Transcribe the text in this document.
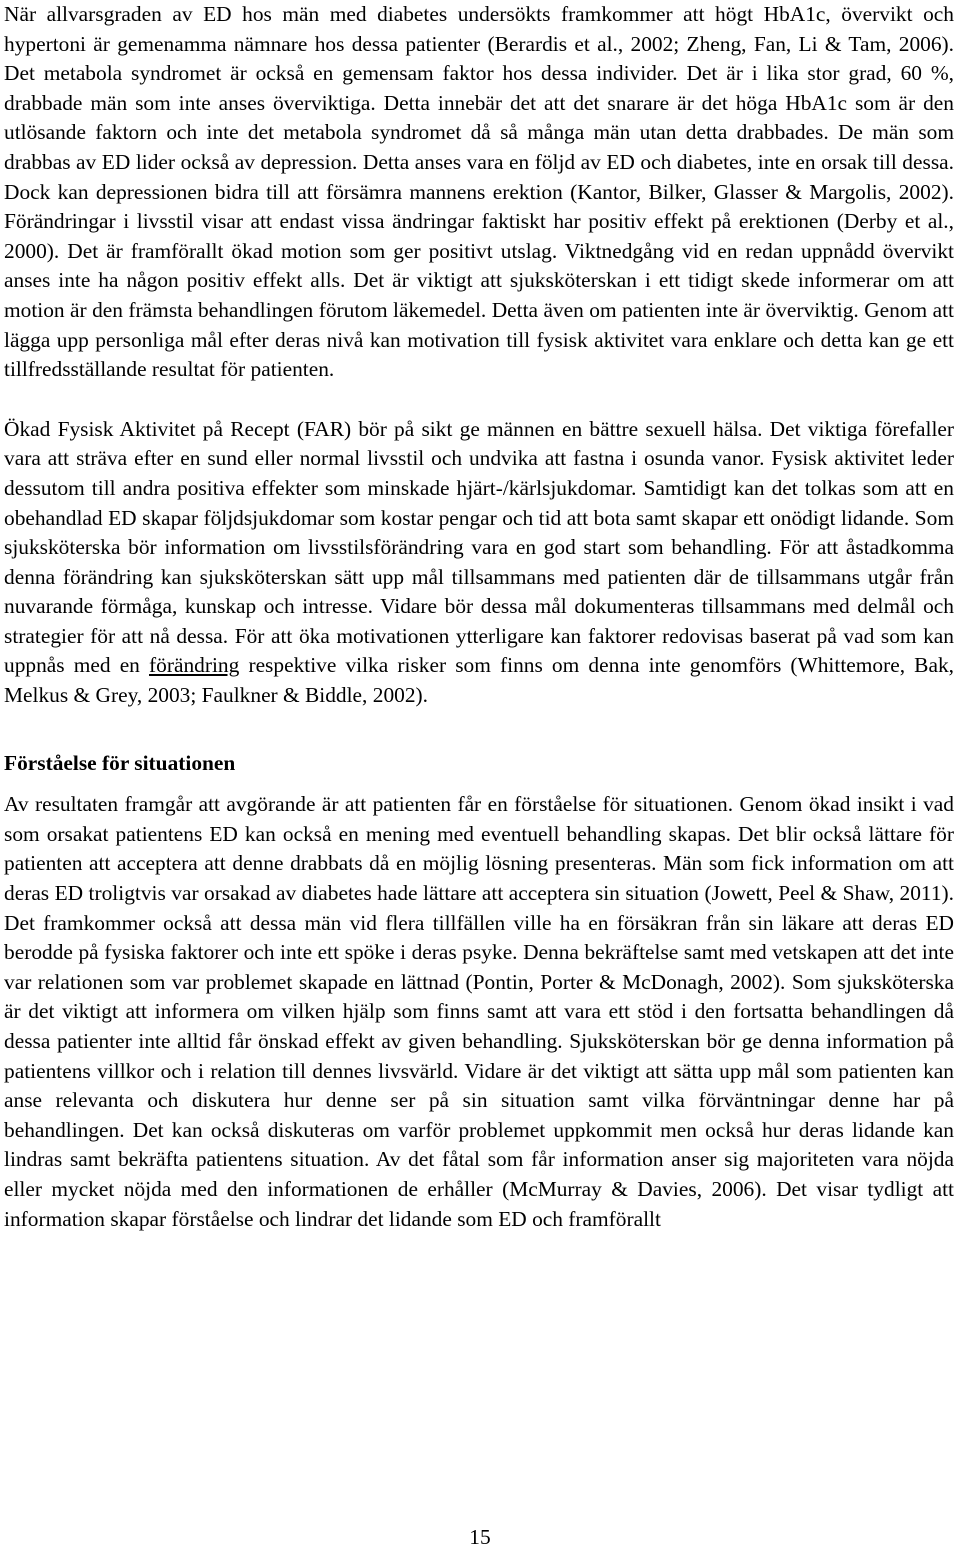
När allvarsgraden av ED hos män med diabetes undersökts framkommer att högt HbA1c, övervikt och hypertoni är gemenamma nämnare hos dessa patienter (Berardis et al., 2002; Zheng, Fan, Li & Tam, 2006). Det metabola syndromet är också en gemensam faktor hos dessa individer. Det är i lika stor grad, 60 %, drabbade män som inte anses överviktiga. Detta innebär det att det snarare är det höga HbA1c som är den utlösande faktorn och inte det metabola syndromet då så många män utan detta drabbades. De män som drabbas av ED lider också av depression. Detta anses vara en följd av ED och diabetes, inte en orsak till dessa. Dock kan depressionen bidra till att försämra mannens erektion (Kantor, Bilker, Glasser & Margolis, 2002). Förändringar i livsstil visar att endast vissa ändringar faktiskt har positiv effekt på erektionen (Derby et al., 2000). Det är framförallt ökad motion som ger positivt utslag. Viktnedgång vid en redan uppnådd övervikt anses inte ha någon positiv effekt alls. Det är viktigt att sjuksköterskan i ett tidigt skede informerar om att motion är den främsta behandlingen förutom läkemedel. Detta även om patienten inte är överviktig. Genom att lägga upp personliga mål efter deras nivå kan motivation till fysisk aktivitet vara enklare och detta kan ge ett tillfredsställande resultat för patienten.

Ökad Fysisk Aktivitet på Recept (FAR) bör på sikt ge männen en bättre sexuell hälsa. Det viktiga förefaller vara att sträva efter en sund eller normal livsstil och undvika att fastna i osunda vanor. Fysisk aktivitet leder dessutom till andra positiva effekter som minskade hjärt-/kärlsjukdomar. Samtidigt kan det tolkas som att en obehandlad ED skapar följdsjukdomar som kostar pengar och tid att bota samt skapar ett onödigt lidande. Som sjuksköterska bör information om livsstilsförändring vara en god start som behandling. För att åstadkomma denna förändring kan sjuksköterskan sätt upp mål tillsammans med patienten där de tillsammans utgår från nuvarande förmåga, kunskap och intresse. Vidare bör dessa mål dokumenteras tillsammans med delmål och strategier för att nå dessa. För att öka motivationen ytterligare kan faktorer redovisas baserat på vad som kan uppnås med en förändring respektive vilka risker som finns om denna inte genomförs (Whittemore, Bak, Melkus & Grey, 2003; Faulkner & Biddle, 2002).

Förståelse för situationen

Av resultaten framgår att avgörande är att patienten får en förståelse för situationen. Genom ökad insikt i vad som orsakat patientens ED kan också en mening med eventuell behandling skapas. Det blir också lättare för patienten att acceptera att denne drabbats då en möjlig lösning presenteras. Män som fick information om att deras ED troligtvis var orsakad av diabetes hade lättare att acceptera sin situation (Jowett, Peel & Shaw, 2011). Det framkommer också att dessa män vid flera tillfällen ville ha en försäkran från sin läkare att deras ED berodde på fysiska faktorer och inte ett spöke i deras psyke. Denna bekräftelse samt med vetskapen att det inte var relationen som var problemet skapade en lättnad (Pontin, Porter & McDonagh, 2002). Som sjuksköterska är det viktigt att informera om vilken hjälp som finns samt att vara ett stöd i den fortsatta behandlingen då dessa patienter inte alltid får önskad effekt av given behandling. Sjuksköterskan bör ge denna information på patientens villkor och i relation till dennes livsvärld. Vidare är det viktigt att sätta upp mål som patienten kan anse relevanta och diskutera hur denne ser på sin situation samt vilka förväntningar denne har på behandlingen. Det kan också diskuteras om varför problemet uppkommit men också hur deras lidande kan lindras samt bekräfta patientens situation. Av det fåtal som får information anser sig majoriteten vara nöjda eller mycket nöjda med den informationen de erhåller (McMurray & Davies, 2006). Det visar tydligt att information skapar förståelse och lindrar det lidande som ED och framförallt

15
